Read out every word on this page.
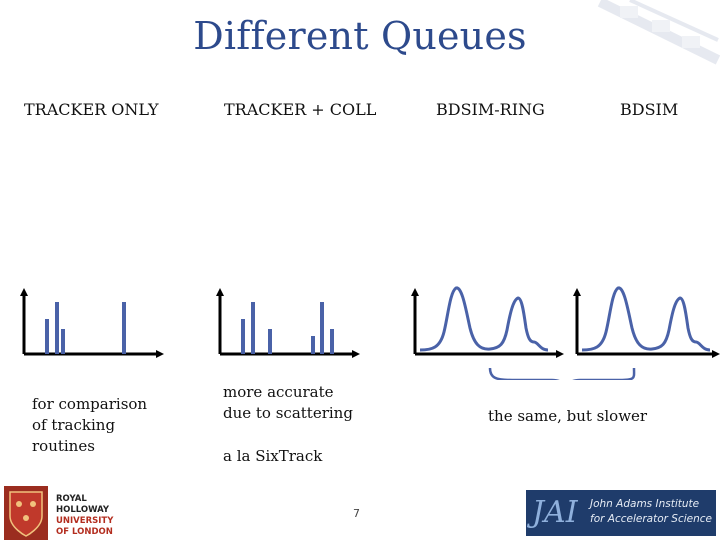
Different Queues
TRACKER ONLY	TRACKER + COLL	BDSIM-RING	BDSIM
for comparison
of tracking
routines
more accurate
due to scattering
a la SixTrack
the same, but slower
7
ROYAL
HOLLOWAY
UNIVERSITY
OF LONDON
JAI John Adams Institute
for Accelerator Science
